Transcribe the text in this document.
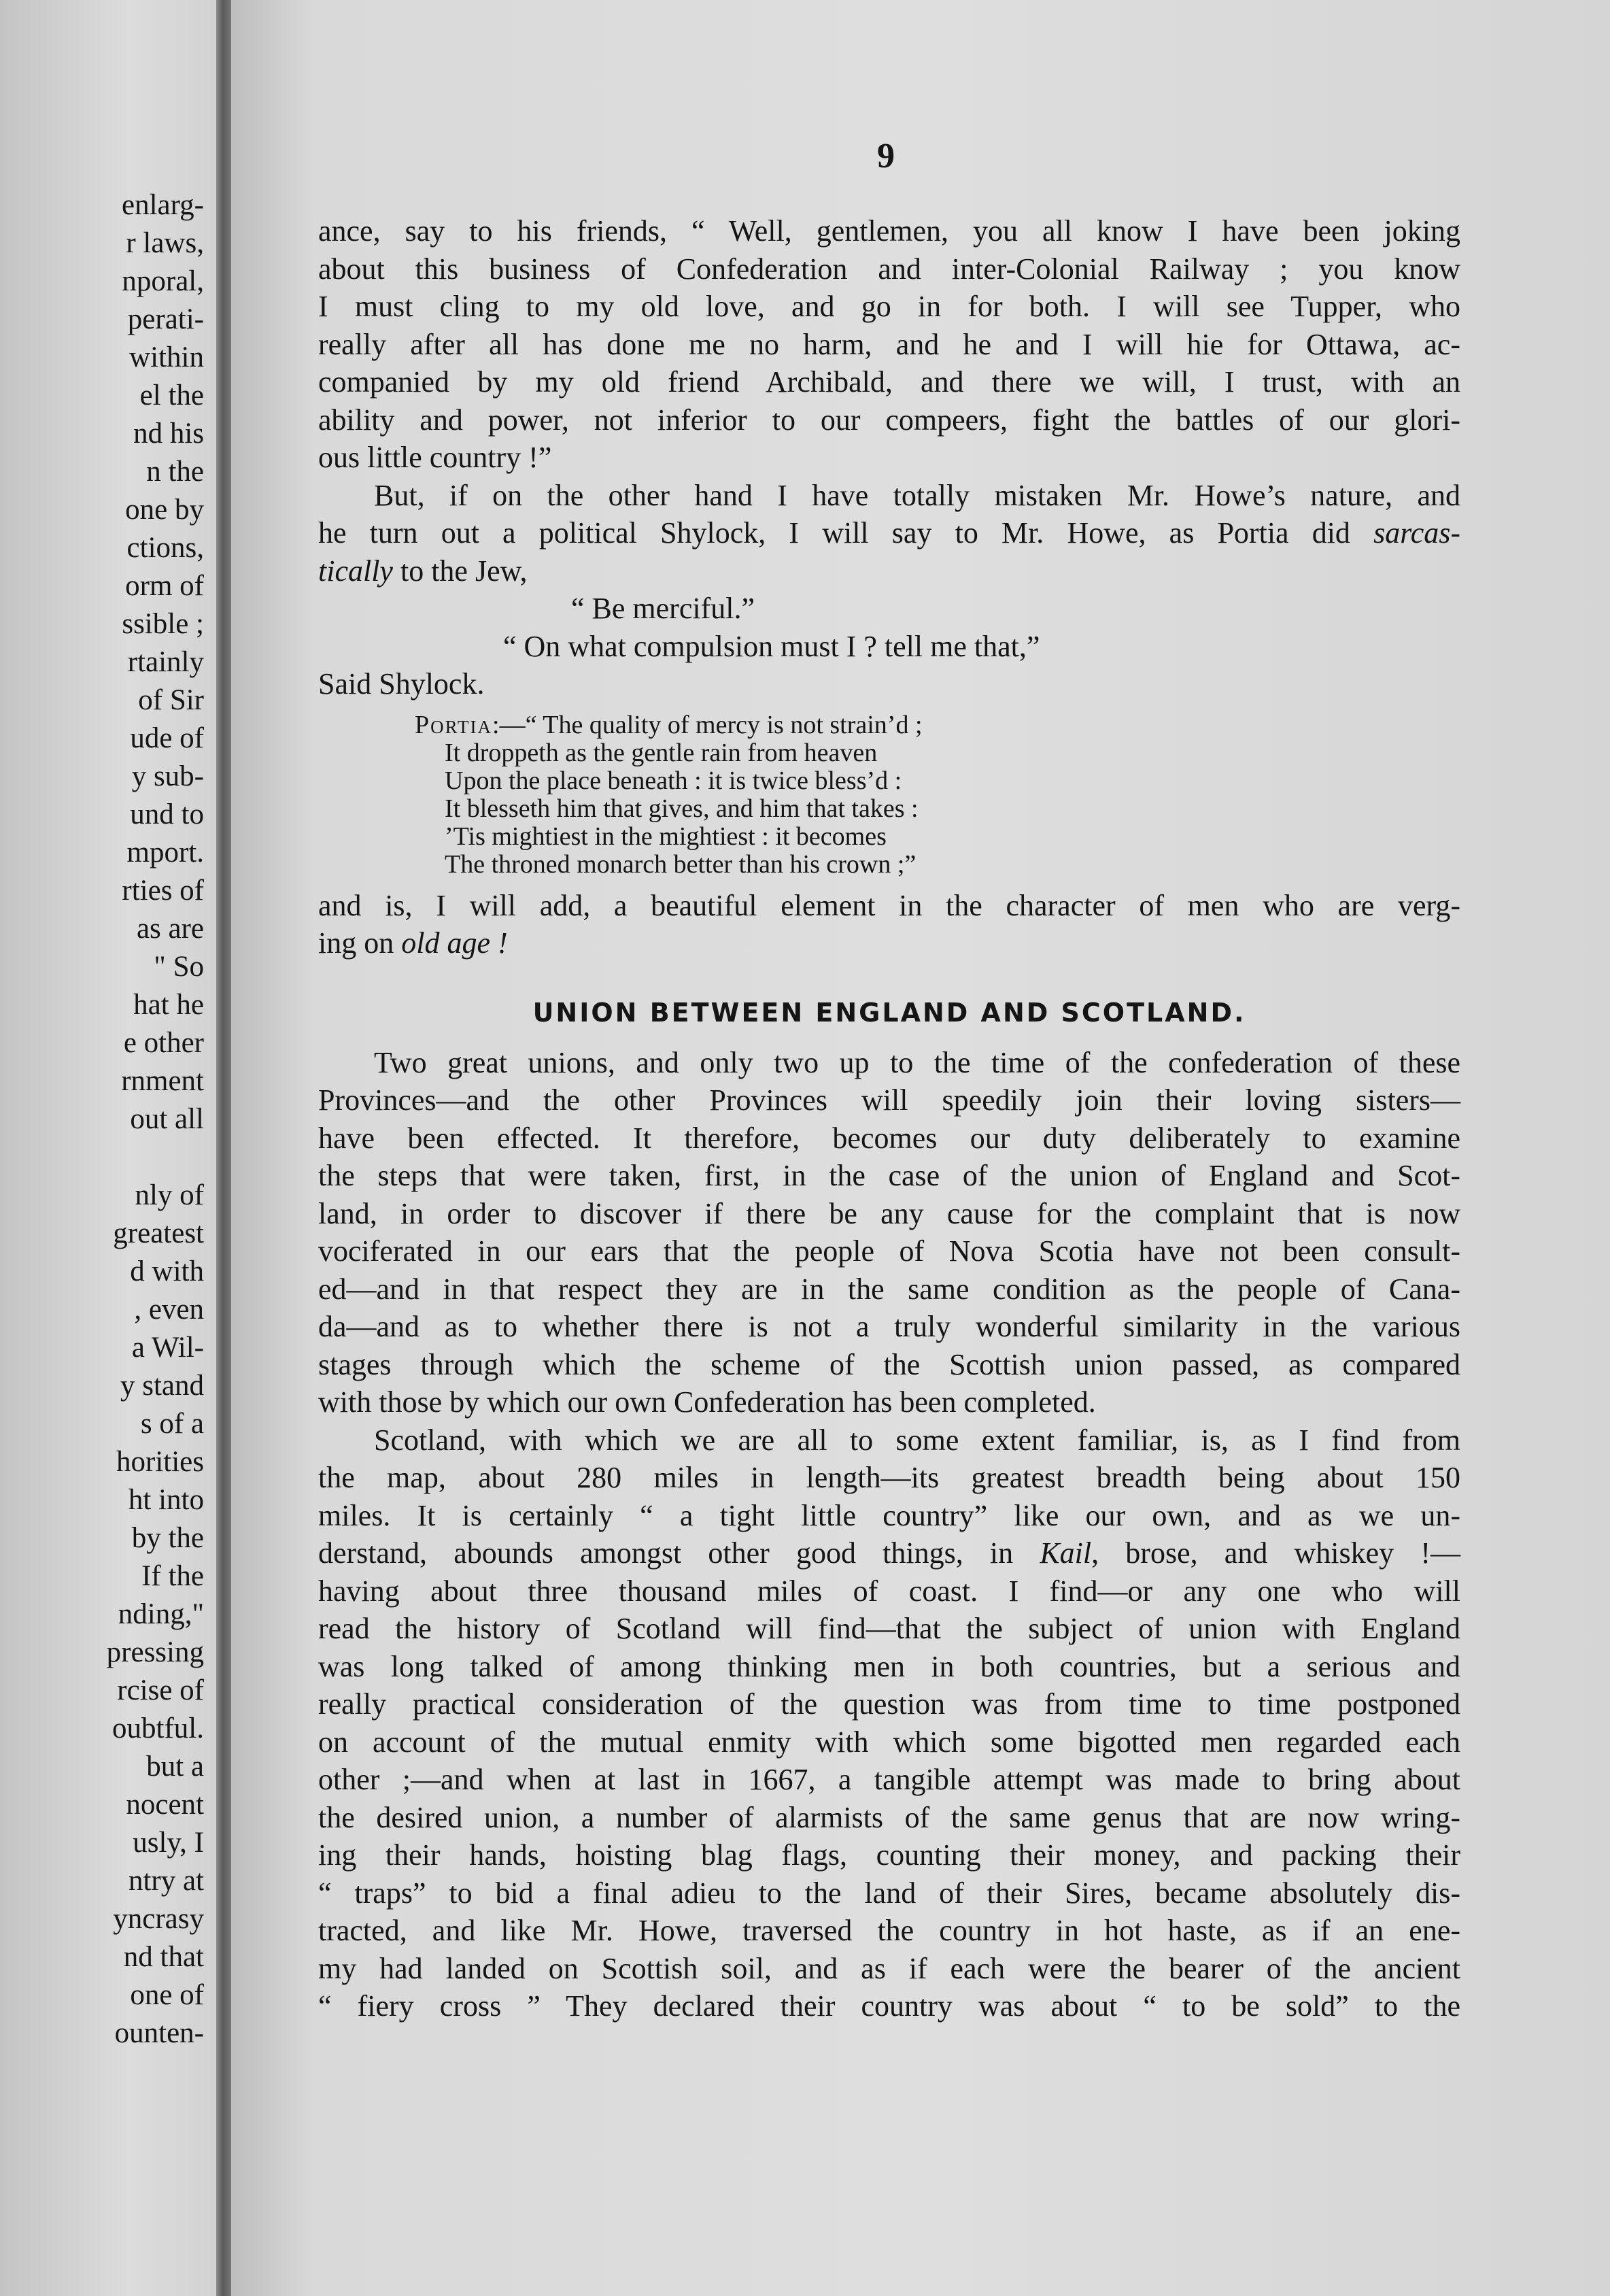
enlarg-
r laws,
nporal,
perati-
within
el the
nd his
n the
one by
ctions,
orm of
ssible ;
rtainly
of Sir
ude of
y sub-
und to
mport.
rties of
as are
" So
hat he
e other
rnment
out all
nly of
greatest
d with
, even
a Wil-
y stand
s of a
horities
ht into
by the
If the
nding,"
pressing
rcise of
oubtful.
but a
nocent
usly, I
ntry at
yncrasy
nd that
one of
ounten-
9
ance, say to his friends, “ Well, gentlemen, you all know I have been joking
about this business of Confederation and inter-Colonial Railway ; you know
I must cling to my old love, and go in for both. I will see Tupper, who
really after all has done me no harm, and he and I will hie for Ottawa, ac-
companied by my old friend Archibald, and there we will, I trust, with an
ability and power, not inferior to our compeers, fight the battles of our glori-
ous little country !”
But, if on the other hand I have totally mistaken Mr. Howe’s nature, and
he turn out a political Shylock, I will say to Mr. Howe, as Portia did sarcas-
tically to the Jew,
“ Be merciful.”
“ On what compulsion must I ? tell me that,”
Said Shylock.
Portia:—“ The quality of mercy is not strain’d ;
It droppeth as the gentle rain from heaven
Upon the place beneath : it is twice bless’d :
It blesseth him that gives, and him that takes :
’Tis mightiest in the mightiest : it becomes
The throned monarch better than his crown ;”
and is, I will add, a beautiful element in the character of men who are verg-
ing on old age !
UNION BETWEEN ENGLAND AND SCOTLAND.
Two great unions, and only two up to the time of the confederation of these
Provinces—and the other Provinces will speedily join their loving sisters—
have been effected. It therefore, becomes our duty deliberately to examine
the steps that were taken, first, in the case of the union of England and Scot-
land, in order to discover if there be any cause for the complaint that is now
vociferated in our ears that the people of Nova Scotia have not been consult-
ed—and in that respect they are in the same condition as the people of Cana-
da—and as to whether there is not a truly wonderful similarity in the various
stages through which the scheme of the Scottish union passed, as compared
with those by which our own Confederation has been completed.
Scotland, with which we are all to some extent familiar, is, as I find from
the map, about 280 miles in length—its greatest breadth being about 150
miles. It is certainly “ a tight little country” like our own, and as we un-
derstand, abounds amongst other good things, in Kail, brose, and whiskey !—
having about three thousand miles of coast. I find—or any one who will
read the history of Scotland will find—that the subject of union with England
was long talked of among thinking men in both countries, but a serious and
really practical consideration of the question was from time to time postponed
on account of the mutual enmity with which some bigotted men regarded each
other ;—and when at last in 1667, a tangible attempt was made to bring about
the desired union, a number of alarmists of the same genus that are now wring-
ing their hands, hoisting blag flags, counting their money, and packing their
“ traps” to bid a final adieu to the land of their Sires, became absolutely dis-
tracted, and like Mr. Howe, traversed the country in hot haste, as if an ene-
my had landed on Scottish soil, and as if each were the bearer of the ancient
“ fiery cross ” They declared their country was about “ to be sold” to the
